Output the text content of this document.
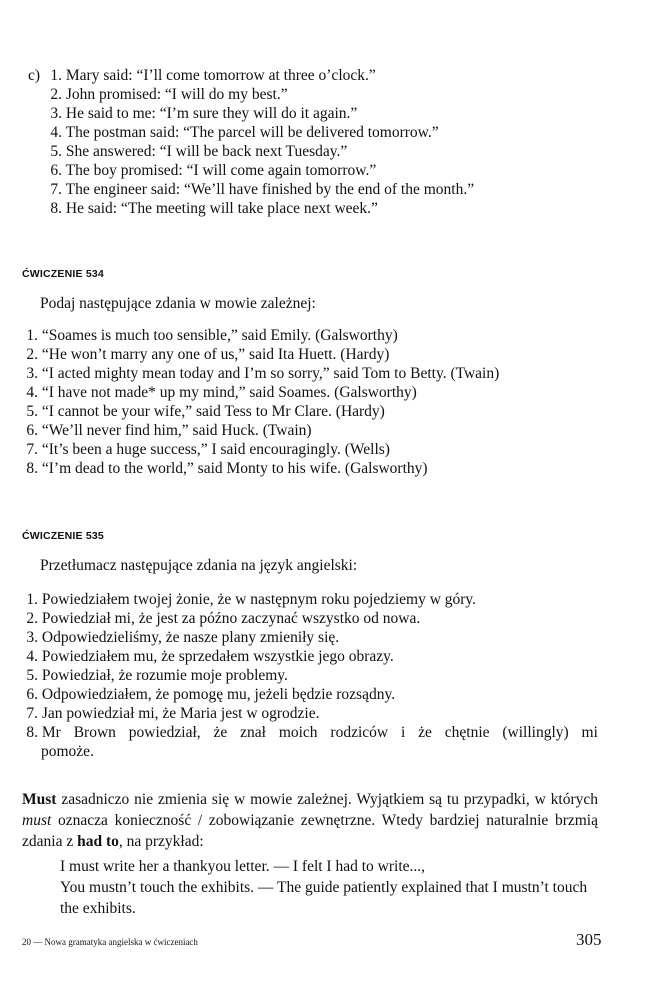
c) 1. Mary said: “I’ll come tomorrow at three o’clock.”
2. John promised: “I will do my best.”
3. He said to me: “I’m sure they will do it again.”
4. The postman said: “The parcel will be delivered tomorrow.”
5. She answered: “I will be back next Tuesday.”
6. The boy promised: “I will come again tomorrow.”
7. The engineer said: “We’ll have finished by the end of the month.”
8. He said: “The meeting will take place next week.”
ĆWICZENIE 534
Podaj następujące zdania w mowie zależnej:
1. “Soames is much too sensible,” said Emily. (Galsworthy)
2. “He won’t marry any one of us,” said Ita Huett. (Hardy)
3. “I acted mighty mean today and I’m so sorry,” said Tom to Betty. (Twain)
4. “I have not made* up my mind,” said Soames. (Galsworthy)
5. “I cannot be your wife,” said Tess to Mr Clare. (Hardy)
6. “We’ll never find him,” said Huck. (Twain)
7. “It’s been a huge success,” I said encouragingly. (Wells)
8. “I’m dead to the world,” said Monty to his wife. (Galsworthy)
ĆWICZENIE 535
Przetłumacz następujące zdania na język angielski:
1. Powiedziałem twojej żonie, że w następnym roku pojedziemy w góry.
2. Powiedział mi, że jest za późno zaczynać wszystko od nowa.
3. Odpowiedzieliśmy, że nasze plany zmieniły się.
4. Powiedziałem mu, że sprzedałem wszystkie jego obrazy.
5. Powiedział, że rozumie moje problemy.
6. Odpowiedziałem, że pomogę mu, jeżeli będzie rozsądny.
7. Jan powiedział mi, że Maria jest w ogrodzie.
8. Mr Brown powiedział, że znał moich rodziców i że chętnie (willingly) mi
pomoże.
Must zasadniczo nie zmienia się w mowie zależnej. Wyjątkiem są tu przypadki, w których must oznacza konieczność / zobowiązanie zewnętrzne. Wtedy bardziej naturalnie brzmią zdania z had to, na przykład:
I must write her a thankyou letter. — I felt I had to write...,
You mustn’t touch the exhibits. — The guide patiently explained that I mustn’t touch the exhibits.
20 — Nowa gramatyka angielska w ćwiczeniach	305
